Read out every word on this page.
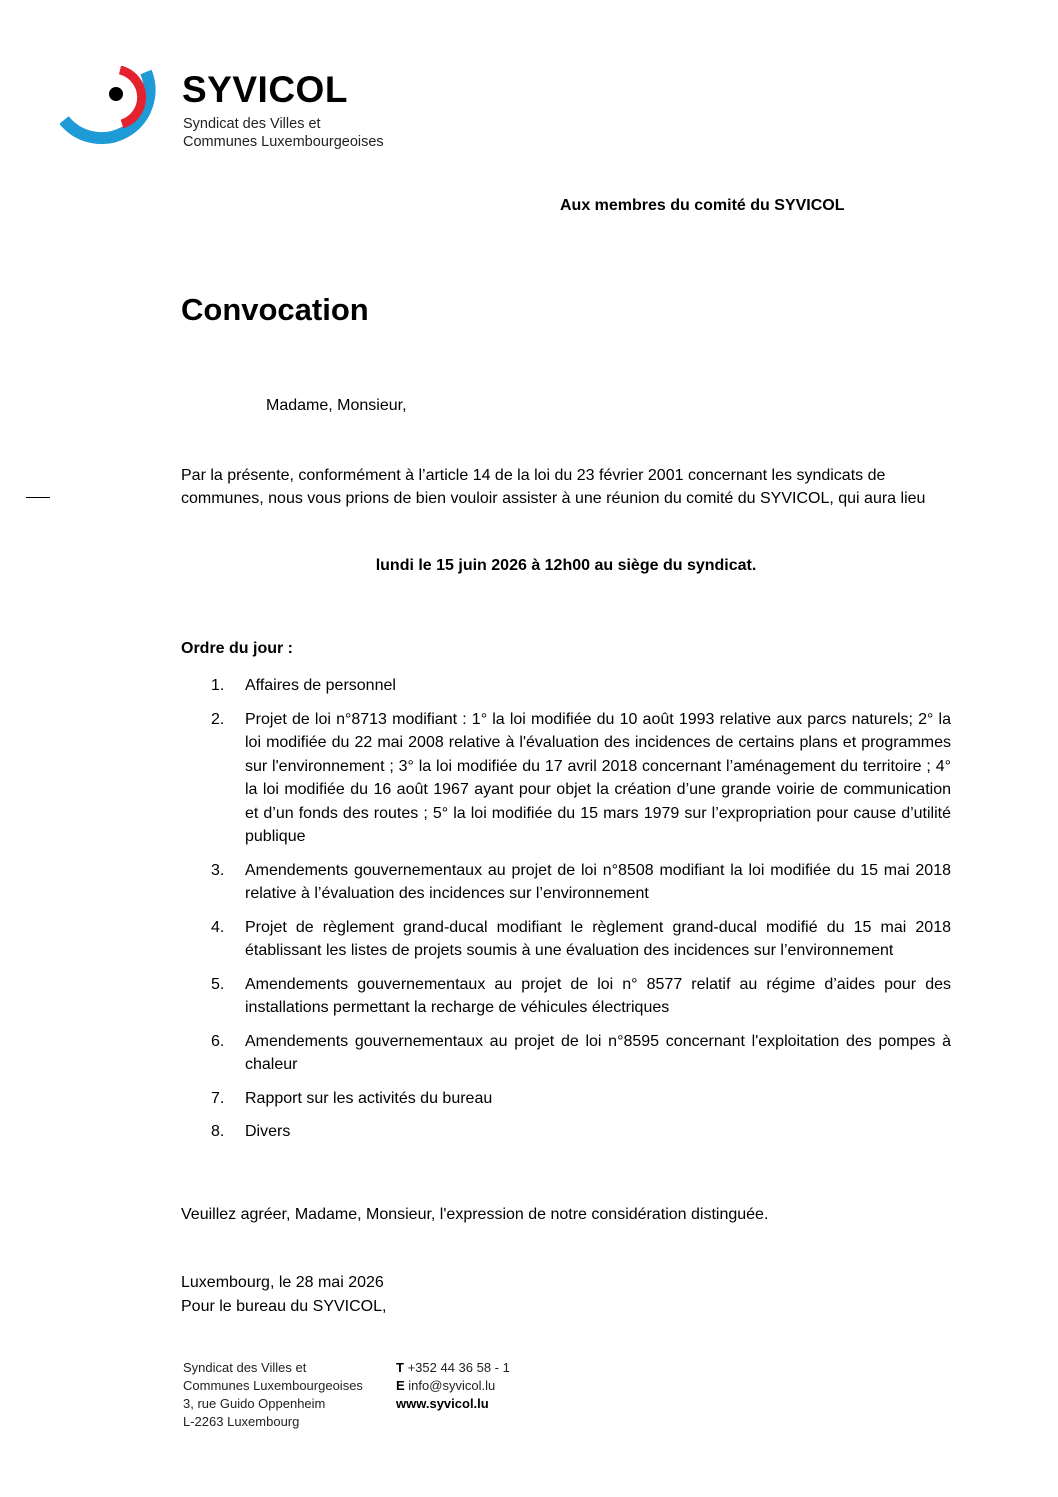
SYVICOL
Syndicat des Villes et
Communes Luxembourgeoises
Aux membres du comité du SYVICOL
Convocation
Madame, Monsieur,
Par la présente, conformément à l’article 14 de la loi du 23 février 2001 concernant les syndicats de communes, nous vous prions de bien vouloir assister à une réunion du comité du SYVICOL, qui aura lieu
lundi le 15 juin 2026 à 12h00 au siège du syndicat.
Ordre du jour :
1. Affaires de personnel
2. Projet de loi n°8713 modifiant : 1° la loi modifiée du 10 août 1993 relative aux parcs naturels; 2° la loi modifiée du 22 mai 2008 relative à l'évaluation des incidences de certains plans et programmes sur l'environnement ; 3° la loi modifiée du 17 avril 2018 concernant l’aménagement du territoire ; 4° la loi modifiée du 16 août 1967 ayant pour objet la création d’une grande voirie de communication et d’un fonds des routes ; 5° la loi modifiée du 15 mars 1979 sur l’expropriation pour cause d’utilité publique
3. Amendements gouvernementaux au projet de loi n°8508 modifiant la loi modifiée du 15 mai 2018 relative à l’évaluation des incidences sur l’environnement
4. Projet de règlement grand-ducal modifiant le règlement grand-ducal modifié du 15 mai 2018 établissant les listes de projets soumis à une évaluation des incidences sur l’environnement
5. Amendements gouvernementaux au projet de loi n° 8577 relatif au régime d’aides pour des installations permettant la recharge de véhicules électriques
6. Amendements gouvernementaux au projet de loi n°8595 concernant l'exploitation des pompes à chaleur
7. Rapport sur les activités du bureau
8. Divers
Veuillez agréer, Madame, Monsieur, l'expression de notre considération distinguée.
Luxembourg, le 28 mai 2026
Pour le bureau du SYVICOL,
Syndicat des Villes et
Communes Luxembourgeoises
3, rue Guido Oppenheim
L-2263 Luxembourg
T +352 44 36 58 - 1
E info@syvicol.lu
www.syvicol.lu
